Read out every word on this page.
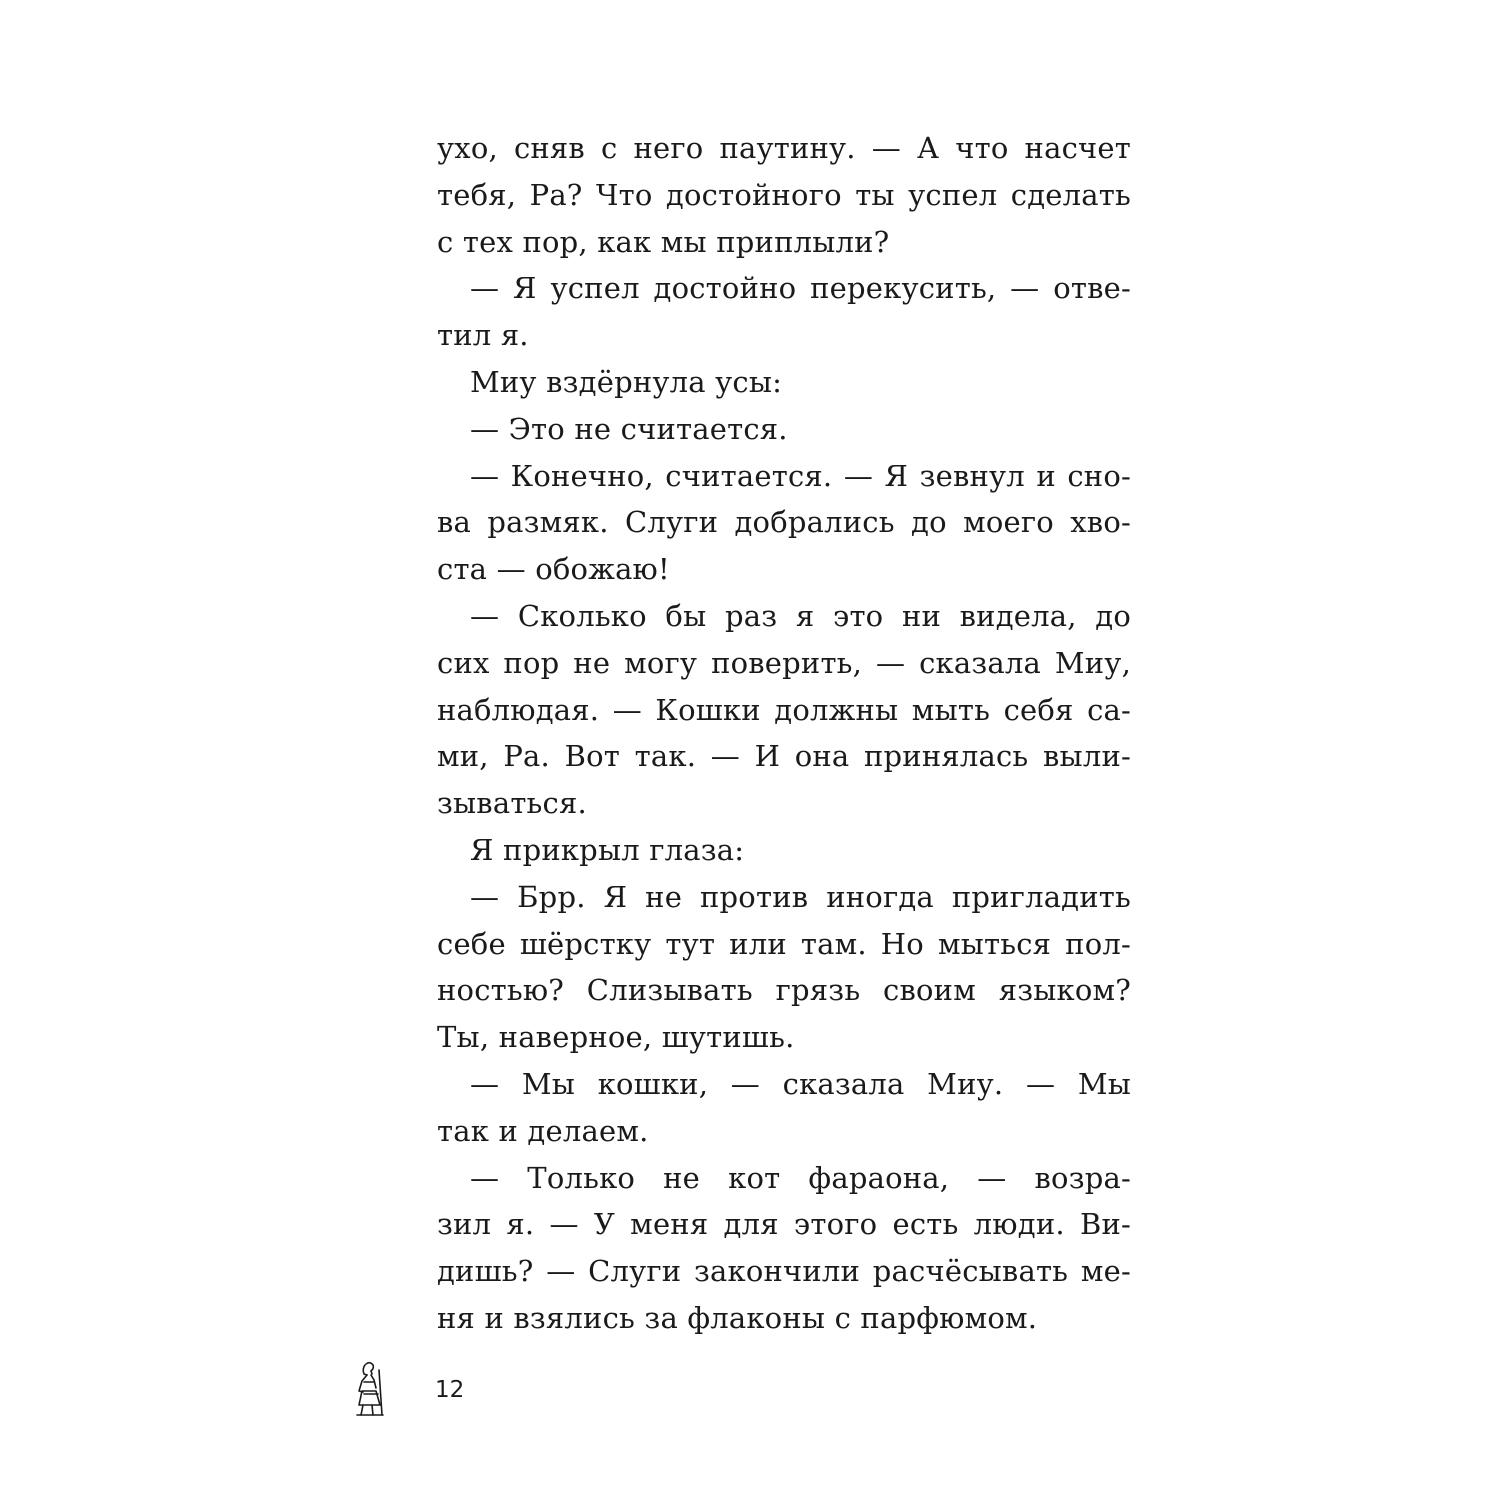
ухо, сняв с него паутину. — А что насчет
тебя, Ра? Что достойного ты успел сделать
с тех пор, как мы приплыли?
— Я успел достойно перекусить, — отве-
тил я.
Миу вздёрнула усы:
— Это не считается.
— Конечно, считается. — Я зевнул и сно-
ва размяк. Слуги добрались до моего хво-
ста — обожаю!
— Сколько бы раз я это ни видела, до
сих пор не могу поверить, — сказала Миу,
наблюдая. — Кошки должны мыть себя са-
ми, Ра. Вот так. — И она принялась выли-
зываться.
Я прикрыл глаза:
— Брр. Я не против иногда пригладить
себе шёрстку тут или там. Но мыться пол-
ностью? Слизывать грязь своим языком?
Ты, наверное, шутишь.
— Мы кошки, — сказала Миу. — Мы
так и делаем.
— Только не кот фараона, — возра-
зил я. — У меня для этого есть люди. Ви-
дишь? — Слуги закончили расчёсывать ме-
ня и взялись за флаконы с парфюмом.
12
